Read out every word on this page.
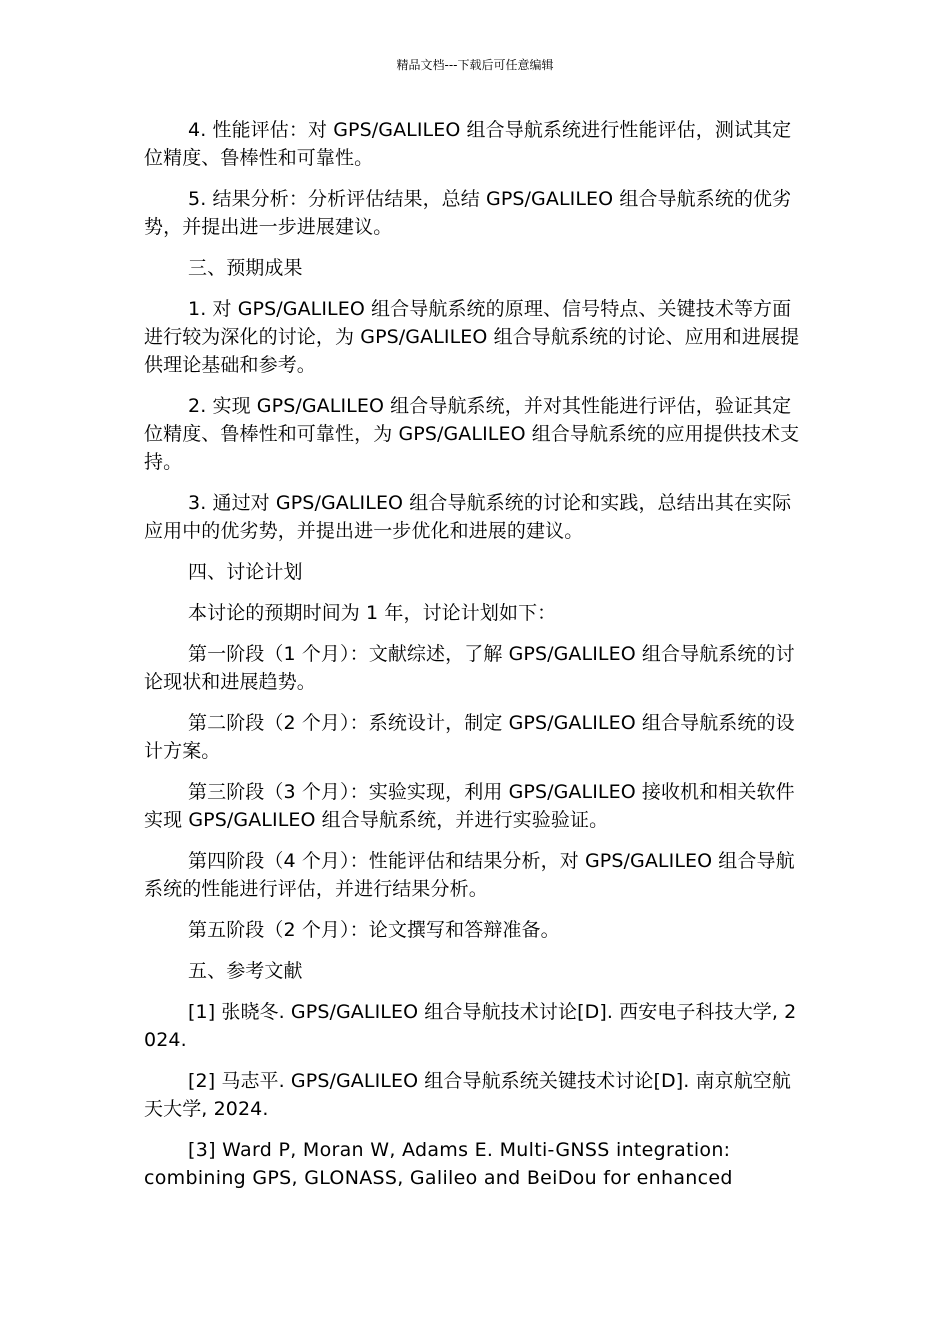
精品文档---下载后可任意编辑

4. 性能评估：对 GPS/GALILEO 组合导航系统进行性能评估，测试其定位精度、鲁棒性和可靠性。

5. 结果分析：分析评估结果，总结 GPS/GALILEO 组合导航系统的优劣势，并提出进一步进展建议。

三、预期成果

1. 对 GPS/GALILEO 组合导航系统的原理、信号特点、关键技术等方面进行较为深化的讨论，为 GPS/GALILEO 组合导航系统的讨论、应用和进展提供理论基础和参考。

2. 实现 GPS/GALILEO 组合导航系统，并对其性能进行评估，验证其定位精度、鲁棒性和可靠性，为 GPS/GALILEO 组合导航系统的应用提供技术支持。

3. 通过对 GPS/GALILEO 组合导航系统的讨论和实践，总结出其在实际应用中的优劣势，并提出进一步优化和进展的建议。

四、讨论计划

本讨论的预期时间为 1 年，讨论计划如下：

第一阶段（1 个月）：文献综述，了解 GPS/GALILEO 组合导航系统的讨论现状和进展趋势。

第二阶段（2 个月）：系统设计，制定 GPS/GALILEO 组合导航系统的设计方案。

第三阶段（3 个月）：实验实现，利用 GPS/GALILEO 接收机和相关软件实现 GPS/GALILEO 组合导航系统，并进行实验验证。

第四阶段（4 个月）：性能评估和结果分析，对 GPS/GALILEO 组合导航系统的性能进行评估，并进行结果分析。

第五阶段（2 个月）：论文撰写和答辩准备。

五、参考文献

[1] 张晓冬. GPS/GALILEO 组合导航技术讨论[D]. 西安电子科技大学, 2024.

[2] 马志平. GPS/GALILEO 组合导航系统关键技术讨论[D]. 南京航空航天大学, 2024.

[3] Ward P, Moran W, Adams E. Multi-GNSS integration: combining GPS, GLONASS, Galileo and BeiDou for enhanced
